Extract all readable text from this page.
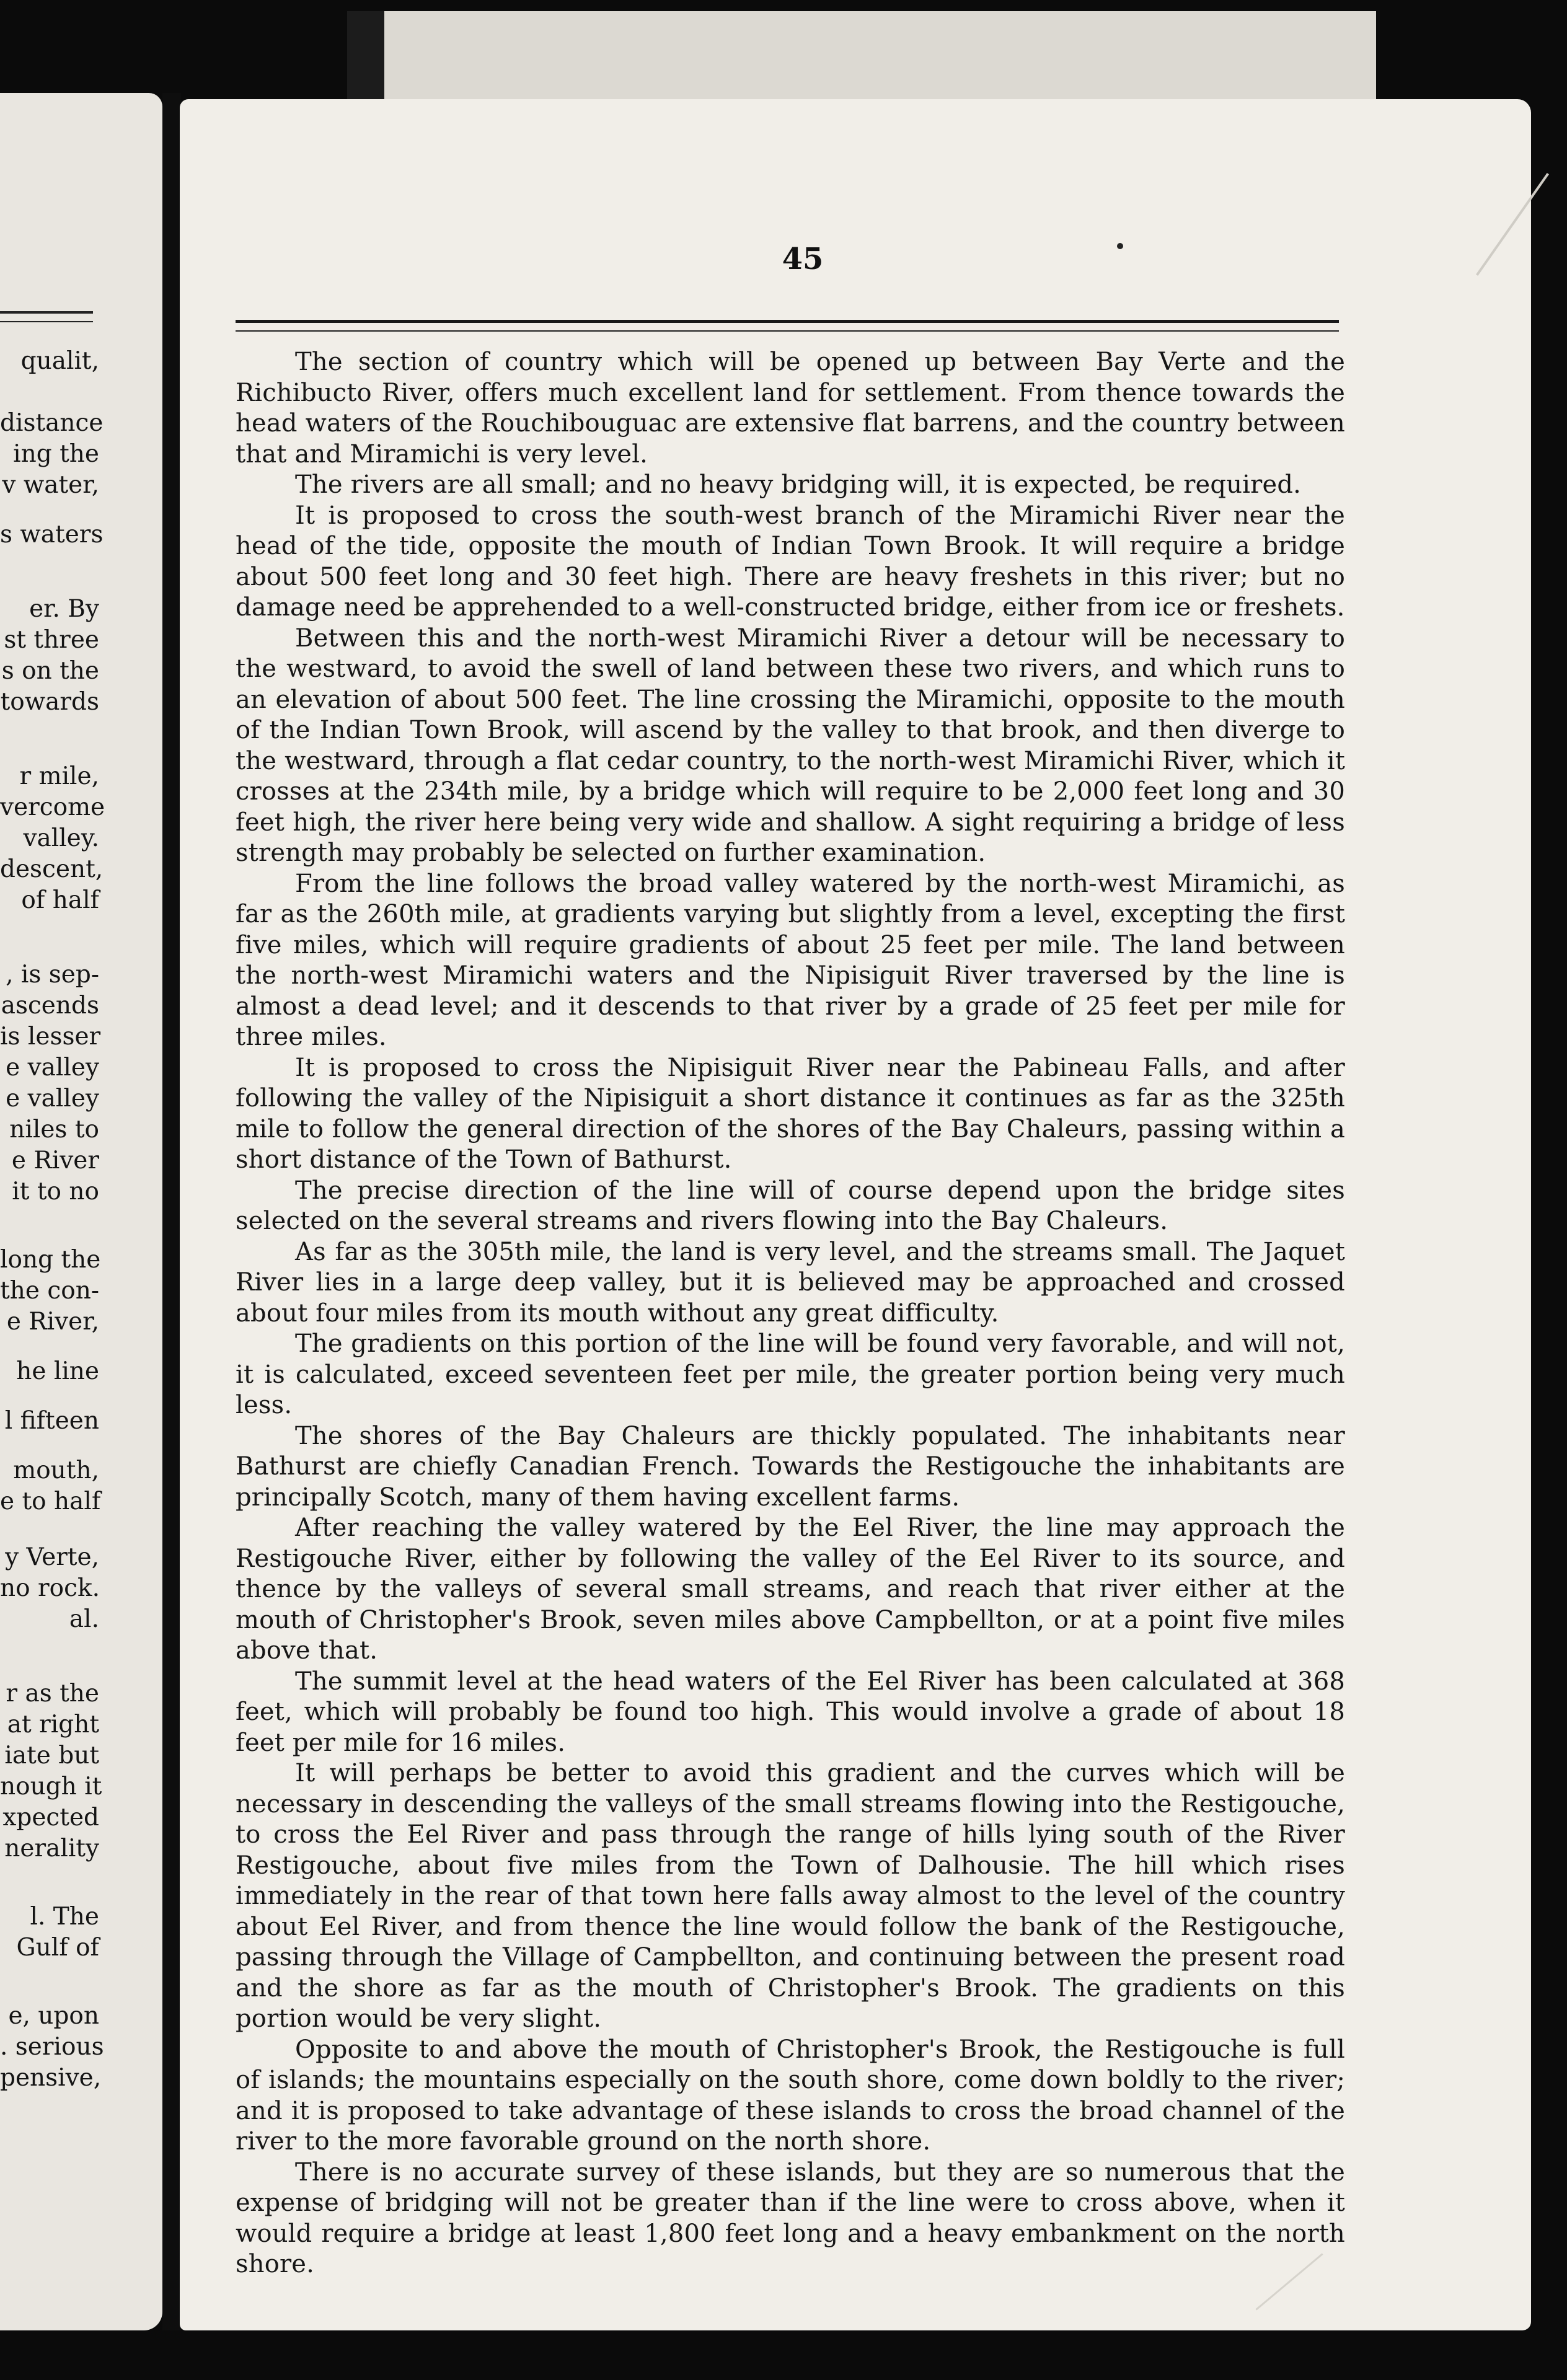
qualit,
distance
ing the
v water,
s waters
er. By
st three
s on the
towards
r mile,
vercome
valley.
descent,
of half
, is sep-
ascends
is lesser
e valley
e valley
niles to
e River
it to no
long the
the con-
e River,
he line
l fifteen
mouth,
e to half
y Verte,
no rock.
al.
r as the
at right
iate but
nough it
xpected
nerality
l. The
Gulf of
e, upon
. serious
pensive,
45

The section of country which will be opened up between Bay Verte and the Richibucto River, offers much excellent land for settlement. From thence towards the head waters of the Rouchibouguac are extensive flat barrens, and the country between that and Miramichi is very level.

The rivers are all small; and no heavy bridging will, it is expected, be required.

It is proposed to cross the south-west branch of the Miramichi River near the head of the tide, opposite the mouth of Indian Town Brook. It will require a bridge about 500 feet long and 30 feet high. There are heavy freshets in this river; but no damage need be apprehended to a well-constructed bridge, either from ice or freshets.

Between this and the north-west Miramichi River a detour will be necessary to the westward, to avoid the swell of land between these two rivers, and which runs to an elevation of about 500 feet. The line crossing the Miramichi, opposite to the mouth of the Indian Town Brook, will ascend by the valley to that brook, and then diverge to the westward, through a flat cedar country, to the north-west Miramichi River, which it crosses at the 234th mile, by a bridge which will require to be 2,000 feet long and 30 feet high, the river here being very wide and shallow. A sight requiring a bridge of less strength may probably be selected on further examination.

From the line follows the broad valley watered by the north-west Miramichi, as far as the 260th mile, at gradients varying but slightly from a level, excepting the first five miles, which will require gradients of about 25 feet per mile. The land between the north-west Miramichi waters and the Nipisiguit River traversed by the line is almost a dead level; and it descends to that river by a grade of 25 feet per mile for three miles.

It is proposed to cross the Nipisiguit River near the Pabineau Falls, and after following the valley of the Nipisiguit a short distance it continues as far as the 325th mile to follow the general direction of the shores of the Bay Chaleurs, passing within a short distance of the Town of Bathurst.

The precise direction of the line will of course depend upon the bridge sites selected on the several streams and rivers flowing into the Bay Chaleurs.

As far as the 305th mile, the land is very level, and the streams small. The Jaquet River lies in a large deep valley, but it is believed may be approached and crossed about four miles from its mouth without any great difficulty.

The gradients on this portion of the line will be found very favorable, and will not, it is calculated, exceed seventeen feet per mile, the greater portion being very much less.

The shores of the Bay Chaleurs are thickly populated. The inhabitants near Bathurst are chiefly Canadian French. Towards the Restigouche the inhabitants are principally Scotch, many of them having excellent farms.

After reaching the valley watered by the Eel River, the line may approach the Restigouche River, either by following the valley of the Eel River to its source, and thence by the valleys of several small streams, and reach that river either at the mouth of Christopher's Brook, seven miles above Campbellton, or at a point five miles above that.

The summit level at the head waters of the Eel River has been calculated at 368 feet, which will probably be found too high. This would involve a grade of about 18 feet per mile for 16 miles.

It will perhaps be better to avoid this gradient and the curves which will be necessary in descending the valleys of the small streams flowing into the Restigouche, to cross the Eel River and pass through the range of hills lying south of the River Restigouche, about five miles from the Town of Dalhousie. The hill which rises immediately in the rear of that town here falls away almost to the level of the country about Eel River, and from thence the line would follow the bank of the Restigouche, passing through the Village of Campbellton, and continuing between the present road and the shore as far as the mouth of Christopher's Brook. The gradients on this portion would be very slight.

Opposite to and above the mouth of Christopher's Brook, the Restigouche is full of islands; the mountains especially on the south shore, come down boldly to the river; and it is proposed to take advantage of these islands to cross the broad channel of the river to the more favorable ground on the north shore.

There is no accurate survey of these islands, but they are so numerous that the expense of bridging will not be greater than if the line were to cross above, when it would require a bridge at least 1,800 feet long and a heavy embankment on the north shore.
